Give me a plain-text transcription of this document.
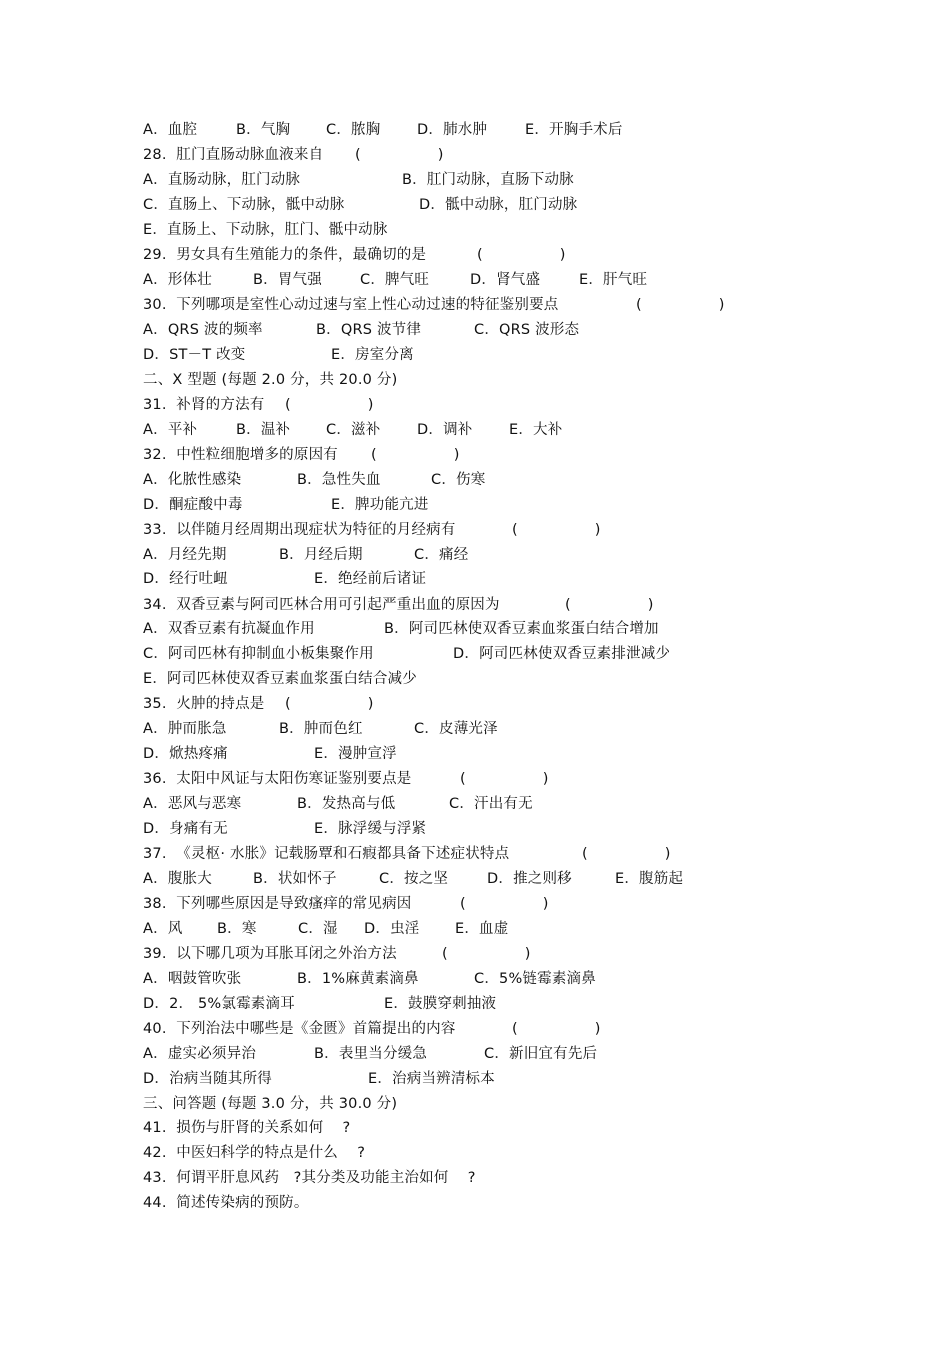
A．血腔	B．气胸 C．脓胸	D．肺水肿	E．开胸手术后
28.  肛门直肠动脉血液来自 (                )
A．直肠动脉，肛门动脉	B．肛门动脉，直肠下动脉
C．直肠上、下动脉，骶中动脉	D．骶中动脉，肛门动脉
E．直肠上、下动脉，肛门、骶中动脉
29.  男女具有生殖能力的条件，最确切的是	(                )
A．形体壮	B．胃气强	C．脾气旺	D．肾气盛	E．肝气旺
30.  下列哪项是室性心动过速与室上性心动过速的特征鉴别要点	(                )
A．QRS 波的频率	B．QRS 波节律	C．QRS 波形态
D．ST－T 改变	E．房室分离
二、X 型题 (每题 2.0 分，共 20.0 分)
31.  补肾的方法有 (                )
A．平补	B．温补 C．滋补	D．调补	E．大补
32.  中性粒细胞增多的原因有 (                )
A．化脓性感染	B．急性失血	C．伤寒
D．酮症酸中毒	E．脾功能亢进
33.  以伴随月经周期出现症状为特征的月经病有	(                )
A．月经先期	B．月经后期	C．痛经
D．经行吐衄	E．绝经前后诸证
34.  双香豆素与阿司匹林合用可引起严重出血的原因为	(                )
A．双香豆素有抗凝血作用	B．阿司匹林使双香豆素血浆蛋白结合增加
C．阿司匹林有抑制血小板集聚作用	D．阿司匹林使双香豆素排泄减少
E．阿司匹林使双香豆素血浆蛋白结合减少
35.  火肿的持点是 (                )
A．肿而胀急	B．肿而色红	C．皮薄光泽
D．焮热疼痛	E．漫肿宣浮
36.  太阳中风证与太阳伤寒证鉴别要点是	(                )
A．恶风与恶寒	B．发热高与低	C．汗出有无
D．身痛有无	E．脉浮缓与浮紧
37.  《灵枢· 水胀》记载肠覃和石瘕都具备下述症状特点	(                )
A．腹胀大	B．状如怀子	C．按之坚	D．推之则移	E．腹筋起
38.  下列哪些原因是导致瘙痒的常见病因	(                )
A．风 B．寒	C．湿 D．虫淫 E．血虚
39.  以下哪几项为耳胀耳闭之外治方法	(                )
A．咽鼓管吹张	B．1%麻黄素滴鼻	C．5%链霉素滴鼻
D．2． 5%氯霉素滴耳	E．鼓膜穿刺抽液
40.  下列治法中哪些是《金匮》首篇提出的内容	(                )
A．虚实必须异治	B．表里当分缓急	C．新旧宜有先后
D．治病当随其所得	E．治病当辨清标本
三、问答题 (每题 3.0 分，共 30.0 分)
41.  损伤与肝肾的关系如何    ?
42.  中医妇科学的特点是什么    ?
43.  何谓平肝息风药   ?其分类及功能主治如何    ?
44.  简述传染病的预防。
